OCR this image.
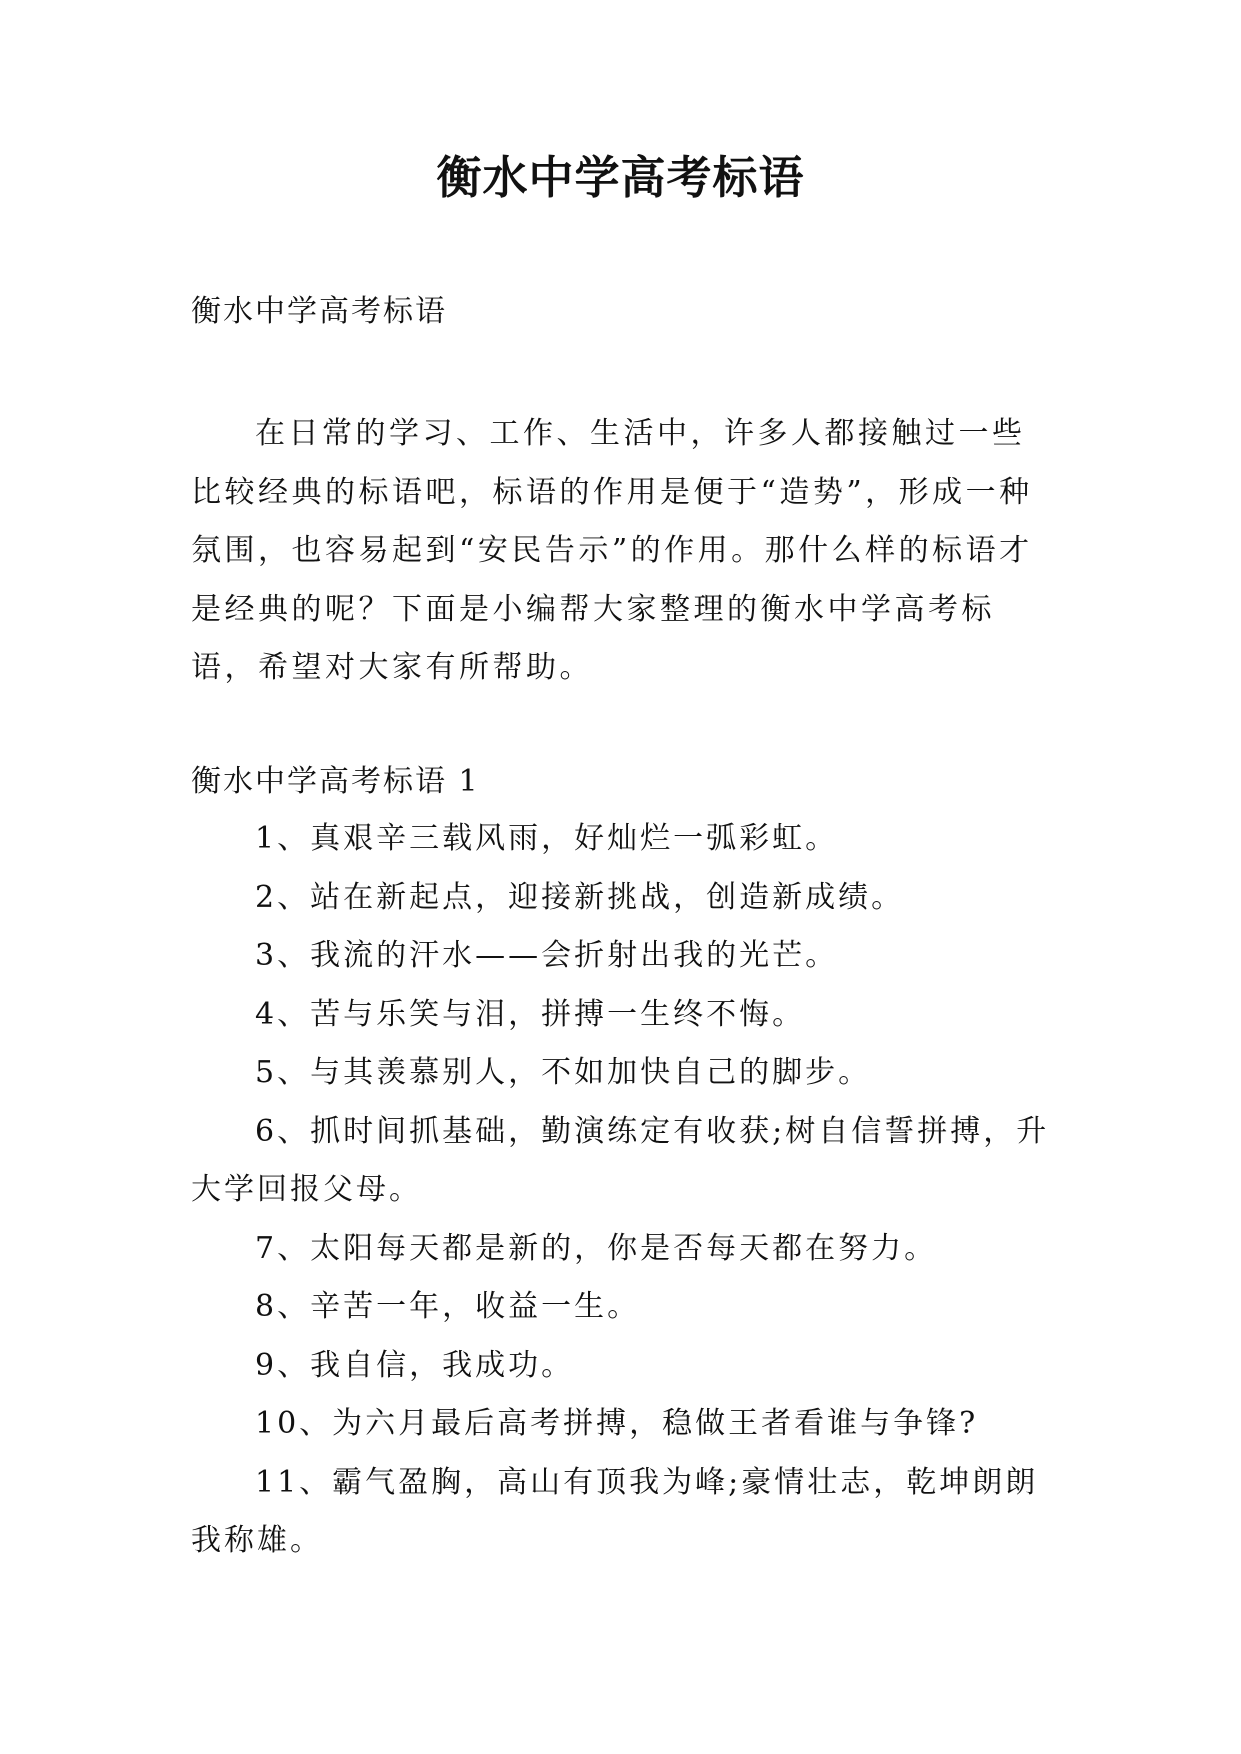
衡水中学高考标语
衡水中学高考标语

在日常的学习、工作、生活中，许多人都接触过一些比较经典的标语吧，标语的作用是便于“造势”，形成一种氛围，也容易起到“安民告示”的作用。那什么样的标语才是经典的呢？下面是小编帮大家整理的衡水中学高考标语，希望对大家有所帮助。

衡水中学高考标语 1
1、真艰辛三载风雨，好灿烂一弧彩虹。
2、站在新起点，迎接新挑战，创造新成绩。
3、我流的汗水——会折射出我的光芒。
4、苦与乐笑与泪，拼搏一生终不悔。
5、与其羡慕别人，不如加快自己的脚步。
6、抓时间抓基础，勤演练定有收获;树自信誓拼搏，升大学回报父母。
7、太阳每天都是新的，你是否每天都在努力。
8、辛苦一年，收益一生。
9、我自信，我成功。
10、为六月最后高考拼搏，稳做王者看谁与争锋?
11、霸气盈胸，高山有顶我为峰;豪情壮志，乾坤朗朗我称雄。
